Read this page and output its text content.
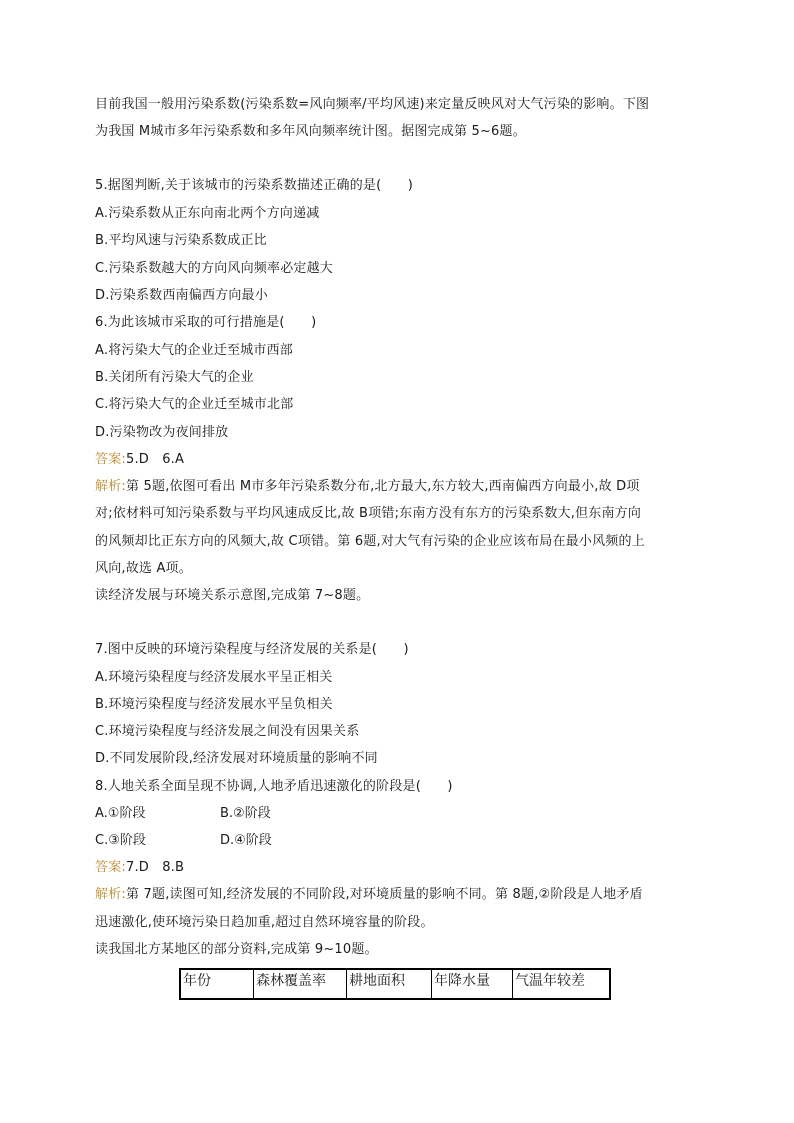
目前我国一般用污染系数(污染系数=风向频率/平均风速)来定量反映风对大气污染的影响。下图
为我国 M城市多年污染系数和多年风向频率统计图。据图完成第 5~6题。
5.据图判断,关于该城市的污染系数描述正确的是(　　)
A.污染系数从正东向南北两个方向递减
B.平均风速与污染系数成正比
C.污染系数越大的方向风向频率必定越大
D.污染系数西南偏西方向最小
6.为此该城市采取的可行措施是(　　)
A.将污染大气的企业迁至城市西部
B.关闭所有污染大气的企业
C.将污染大气的企业迁至城市北部
D.污染物改为夜间排放
答案:5.D　6.A
解析:第 5题,依图可看出 M市多年污染系数分布,北方最大,东方较大,西南偏西方向最小,故 D项
对;依材料可知污染系数与平均风速成反比,故 B项错;东南方没有东方的污染系数大,但东南方向
的风频却比正东方向的风频大,故 C项错。第 6题,对大气有污染的企业应该布局在最小风频的上
风向,故选 A项。
读经济发展与环境关系示意图,完成第 7~8题。
7.图中反映的环境污染程度与经济发展的关系是(　　)
A.环境污染程度与经济发展水平呈正相关
B.环境污染程度与经济发展水平呈负相关
C.环境污染程度与经济发展之间没有因果关系
D.不同发展阶段,经济发展对环境质量的影响不同
8.人地关系全面呈现不协调,人地矛盾迅速激化的阶段是(　　)
A.①阶段	B.②阶段
C.③阶段	D.④阶段
答案:7.D　8.B
解析:第 7题,读图可知,经济发展的不同阶段,对环境质量的影响不同。第 8题,②阶段是人地矛盾
迅速激化,使环境污染日趋加重,超过自然环境容量的阶段。
读我国北方某地区的部分资料,完成第 9~10题。
年份	森林覆盖率	耕地面积	年降水量	气温年较差
